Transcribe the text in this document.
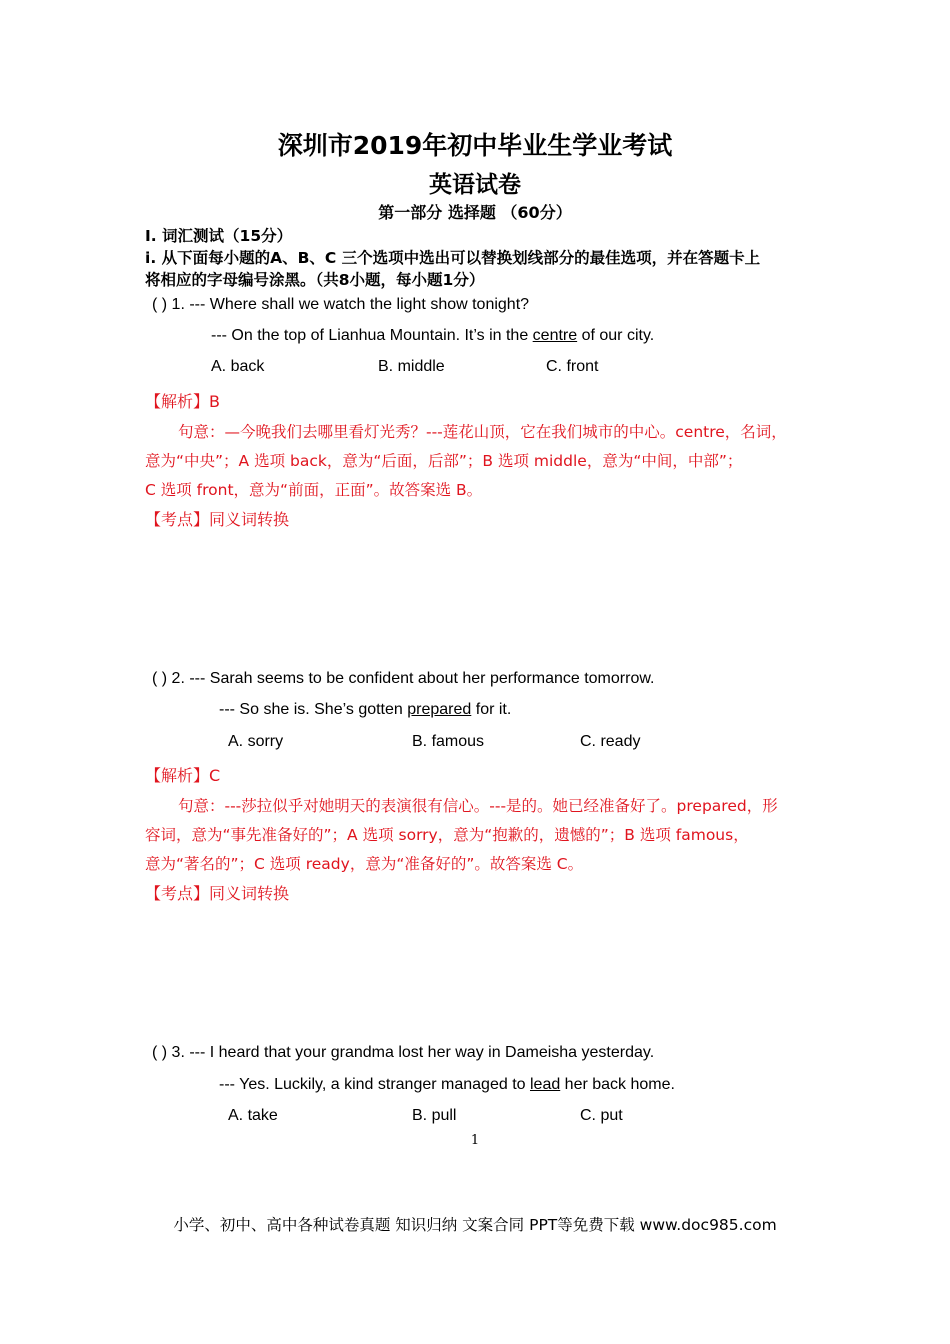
深圳市2019年初中毕业生学业考试
英语试卷
第一部分 选择题 （60分）
I. 词汇测试（15分）
i. 从下面每小题的A、B、C 三个选项中选出可以替换划线部分的最佳选项，并在答题卡上
将相应的字母编号涂黑。（共8小题，每小题1分）
( ) 1. --- Where shall we watch the light show tonight?
--- On the top of Lianhua Mountain. It’s in the centre of our city.
A. back	B. middle	C. front
【解析】B
句意：—今晚我们去哪里看灯光秀？---莲花山顶，它在我们城市的中心。centre，名词，
意为“中央”；A 选项 back，意为“后面，后部”；B 选项 middle，意为“中间，中部”；
C 选项 front，意为“前面，正面”。故答案选 B。
【考点】同义词转换
( ) 2. --- Sarah seems to be confident about her performance tomorrow.
--- So she is. She’s gotten prepared for it.
A. sorry	B. famous	C. ready
【解析】C
句意：---莎拉似乎对她明天的表演很有信心。---是的。她已经准备好了。prepared，形
容词，意为“事先准备好的”；A 选项 sorry，意为“抱歉的，遗憾的”；B 选项 famous，
意为“著名的”；C 选项 ready，意为“准备好的”。故答案选 C。
【考点】同义词转换
( ) 3. --- I heard that your grandma lost her way in Dameisha yesterday.
--- Yes. Luckily, a kind stranger managed to lead her back home.
A. take	B. pull	C. put
1
小学、初中、高中各种试卷真题 知识归纳 文案合同 PPT等免费下载 www.doc985.com
